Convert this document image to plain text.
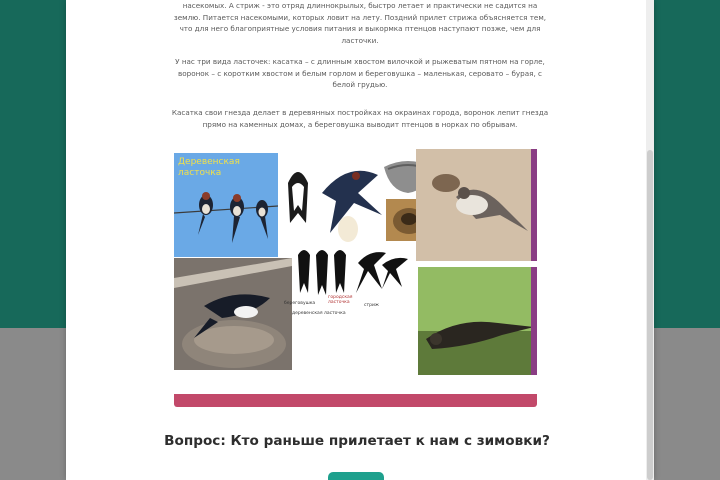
насекомых. А стриж - это отряд длиннокрылых, быстро летает и практически не садится на
землю. Питается насекомыми, которых ловит на лету. Поздний прилет стрижа объясняется тем,
что для него благоприятные условия питания и выкормка птенцов наступают позже, чем для
ласточки.

У нас три вида ласточек: касатка – с длинным хвостом вилочкой и рыжеватым пятном на горле,
воронок – с коротким хвостом и белым горлом и береговушка – маленькая, серовато – бурая, с
белой грудью.

Касатка свои гнезда делает в деревянных постройках на окраинах города, воронок лепит гнезда
прямо на каменных домах, а береговушка выводит птенцов в норках по обрывам.

Деревенская ласточка
береговушка
городская ласточка
деревенская ласточка
стриж

Вопрос: Кто раньше прилетает к нам с зимовки?
